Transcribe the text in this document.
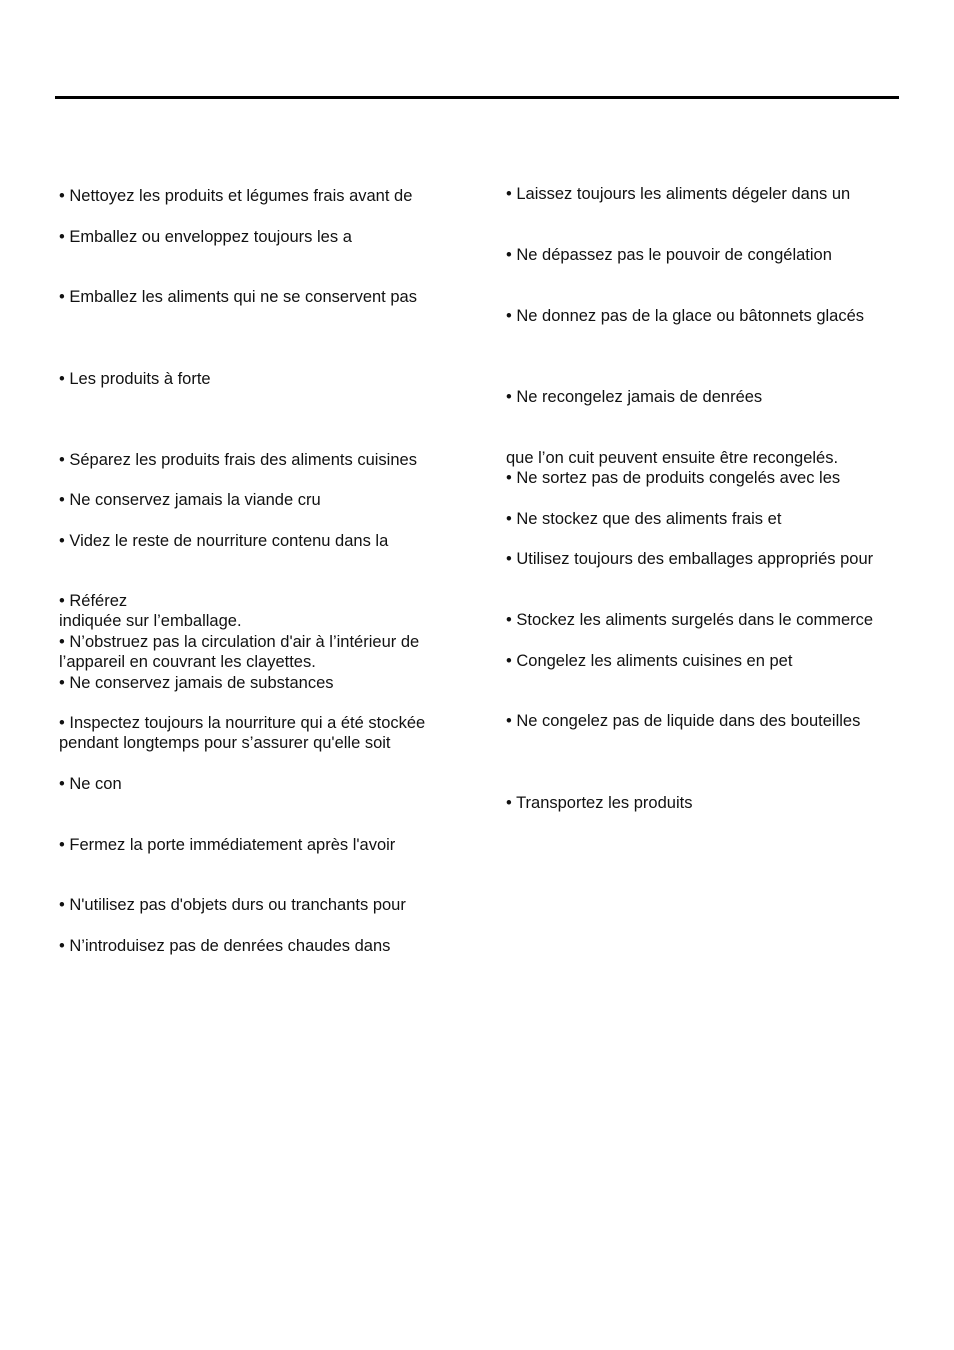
• Nettoyez les produits et légumes frais avant de
• Emballez ou enveloppez toujours les a
• Emballez les aliments qui ne se conservent pas
• Les produits à forte
• Séparez les produits frais des aliments cuisines
• Ne conservez jamais la viande cru
• Videz le reste de nourriture contenu dans la
• Référez
indiquée sur l’emballage.
• N’obstruez pas la circulation d'air à l’intérieur de
l’appareil en couvrant les clayettes.
• Ne conservez jamais de substances
• Inspectez toujours la nourriture qui a été stockée
pendant longtemps pour s’assurer qu'elle soit
• Ne con
• Fermez la porte immédiatement après l'avoir
• N'utilisez pas d'objets durs ou tranchants pour
• N’introduisez pas de denrées chaudes dans
• Laissez toujours les aliments dégeler dans un
• Ne dépassez pas le pouvoir de congélation
• Ne donnez pas de la glace ou bâtonnets glacés
• Ne recongelez jamais de denrées
que l’on cuit peuvent ensuite être recongelés.
• Ne sortez pas de produits congelés avec les
• Ne stockez que des aliments frais et
• Utilisez toujours des emballages appropriés pour
• Stockez les aliments surgelés dans le commerce
• Congelez les aliments cuisines en pet
• Ne congelez pas de liquide dans des bouteilles
• Transportez les produits
